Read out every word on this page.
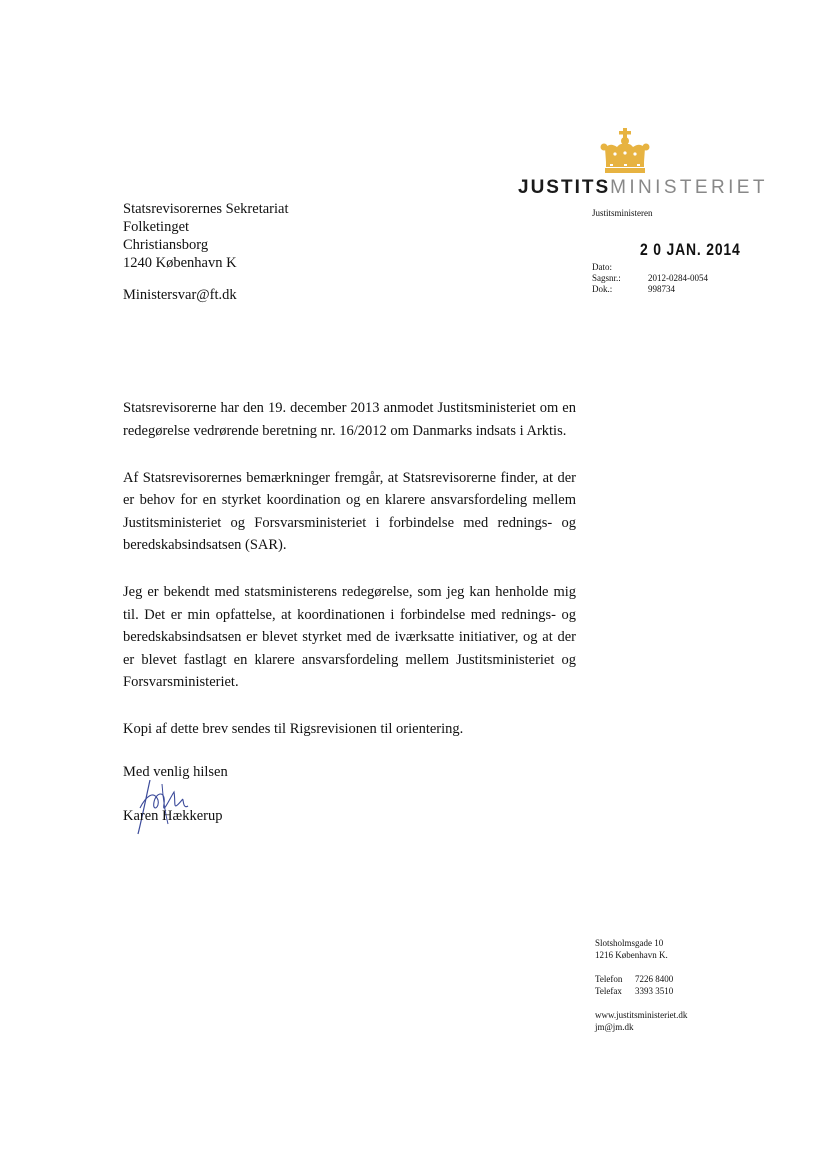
JUSTITSMINISTERIET
Justitsministeren
2 0 JAN. 2014
Dato:
Sagsnr.:	2012-0284-0054
Dok.:	998734
Statsrevisorernes Sekretariat
Folketinget
Christiansborg
1240 København K
Ministersvar@ft.dk

Statsrevisorerne har den 19. december 2013 anmodet Justitsministeriet om en redegørelse vedrørende beretning nr. 16/2012 om Danmarks indsats i Arktis.

Af Statsrevisorernes bemærkninger fremgår, at Statsrevisorerne finder, at der er behov for en styrket koordination og en klarere ansvarsfordeling mellem Justitsministeriet og Forsvarsministeriet i forbindelse med rednings- og beredskabsindsatsen (SAR).

Jeg er bekendt med statsministerens redegørelse, som jeg kan henholde mig til. Det er min opfattelse, at koordinationen i forbindelse med rednings- og beredskabsindsatsen er blevet styrket med de iværksatte initiativer, og at der er blevet fastlagt en klarere ansvarsfordeling mellem Justitsministeriet og Forsvarsministeriet.

Kopi af dette brev sendes til Rigsrevisionen til orientering.

Med venlig hilsen
Karen Hækkerup
Slotsholmsgade 10
1216 København K.
Telefon	7226 8400
Telefax	3393 3510
www.justitsministeriet.dk
jm@jm.dk
